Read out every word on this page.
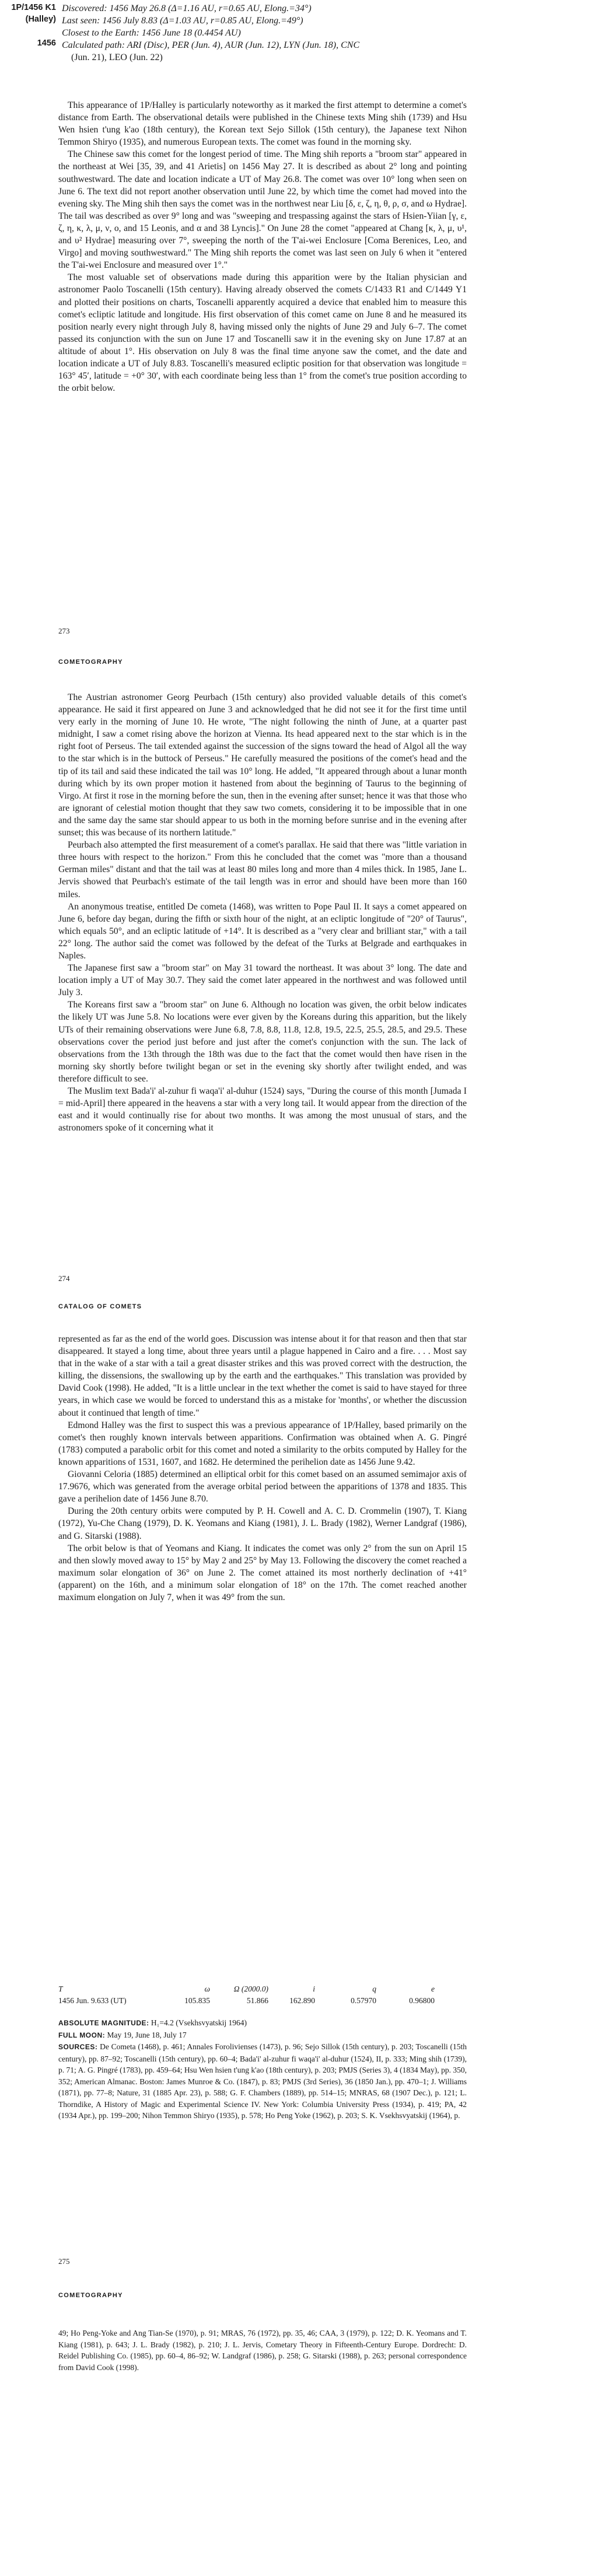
1P/1456 K1
(Halley)
1456
Discovered: 1456 May 26.8 (Δ=1.16 AU, r=0.65 AU, Elong.=34°)
Last seen: 1456 July 8.83 (Δ=1.03 AU, r=0.85 AU, Elong.=49°)
Closest to the Earth: 1456 June 18 (0.4454 AU)
Calculated path: ARI (Disc), PER (Jun. 4), AUR (Jun. 12), LYN (Jun. 18), CNC
(Jun. 21), LEO (Jun. 22)

This appearance of 1P/Halley is particularly noteworthy as it marked the first attempt to determine a comet's distance from Earth. The observational details were published in the Chinese texts Ming shih (1739) and Hsu Wen hsien t'ung k'ao (18th century), the Korean text Sejo Sillok (15th century), the Japanese text Nihon Temmon Shiryo (1935), and numerous European texts. The comet was found in the morning sky.

The Chinese saw this comet for the longest period of time. The Ming shih reports a "broom star" appeared in the northeast at Wei [35, 39, and 41 Arietis] on 1456 May 27. It is described as about 2° long and pointing southwestward. The date and location indicate a UT of May 26.8. The comet was over 10° long when seen on June 6. The text did not report another observation until June 22, by which time the comet had moved into the evening sky. The Ming shih then says the comet was in the northwest near Liu [δ, ε, ζ, η, θ, ρ, σ, and ω Hydrae]. The tail was described as over 9° long and was "sweeping and trespassing against the stars of Hsien-Yiian [γ, ε, ζ, η, κ, λ, μ, ν, ο, and 15 Leonis, and α and 38 Lyncis]." On June 28 the comet "appeared at Chang [κ, λ, μ, υ¹, and υ² Hydrae] measuring over 7°, sweeping the north of the T'ai-wei Enclosure [Coma Berenices, Leo, and Virgo] and moving southwestward." The Ming shih reports the comet was last seen on July 6 when it "entered the T'ai-wei Enclosure and measured over 1°."

The most valuable set of observations made during this apparition were by the Italian physician and astronomer Paolo Toscanelli (15th century). Having already observed the comets C/1433 R1 and C/1449 Y1 and plotted their positions on charts, Toscanelli apparently acquired a device that enabled him to measure this comet's ecliptic latitude and longitude. His first observation of this comet came on June 8 and he measured its position nearly every night through July 8, having missed only the nights of June 29 and July 6–7. The comet passed its conjunction with the sun on June 17 and Toscanelli saw it in the evening sky on June 17.87 at an altitude of about 1°. His observation on July 8 was the final time anyone saw the comet, and the date and location indicate a UT of July 8.83. Toscanelli's measured ecliptic position for that observation was longitude = 163° 45′, latitude = +0° 30′, with each coordinate being less than 1° from the comet's true position according to the orbit below.

273
COMETOGRAPHY

The Austrian astronomer Georg Peurbach (15th century) also provided valuable details of this comet's appearance. He said it first appeared on June 3 and acknowledged that he did not see it for the first time until very early in the morning of June 10. He wrote, "The night following the ninth of June, at a quarter past midnight, I saw a comet rising above the horizon at Vienna. Its head appeared next to the star which is in the right foot of Perseus. The tail extended against the succession of the signs toward the head of Algol all the way to the star which is in the buttock of Perseus." He carefully measured the positions of the comet's head and the tip of its tail and said these indicated the tail was 10° long. He added, "It appeared through about a lunar month during which by its own proper motion it hastened from about the beginning of Taurus to the beginning of Virgo. At first it rose in the morning before the sun, then in the evening after sunset; hence it was that those who are ignorant of celestial motion thought that they saw two comets, considering it to be impossible that in one and the same day the same star should appear to us both in the morning before sunrise and in the evening after sunset; this was because of its northern latitude."

Peurbach also attempted the first measurement of a comet's parallax. He said that there was "little variation in three hours with respect to the horizon." From this he concluded that the comet was "more than a thousand German miles" distant and that the tail was at least 80 miles long and more than 4 miles thick. In 1985, Jane L. Jervis showed that Peurbach's estimate of the tail length was in error and should have been more than 160 miles.

An anonymous treatise, entitled De cometa (1468), was written to Pope Paul II. It says a comet appeared on June 6, before day began, during the fifth or sixth hour of the night, at an ecliptic longitude of "20° of Taurus", which equals 50°, and an ecliptic latitude of +14°. It is described as a "very clear and brilliant star," with a tail 22° long. The author said the comet was followed by the defeat of the Turks at Belgrade and earthquakes in Naples.

The Japanese first saw a "broom star" on May 31 toward the northeast. It was about 3° long. The date and location imply a UT of May 30.7. They said the comet later appeared in the northwest and was followed until July 3.

The Koreans first saw a "broom star" on June 6. Although no location was given, the orbit below indicates the likely UT was June 5.8. No locations were ever given by the Koreans during this apparition, but the likely UTs of their remaining observations were June 6.8, 7.8, 8.8, 11.8, 12.8, 19.5, 22.5, 25.5, 28.5, and 29.5. These observations cover the period just before and just after the comet's conjunction with the sun. The lack of observations from the 13th through the 18th was due to the fact that the comet would then have risen in the morning sky shortly before twilight began or set in the evening sky shortly after twilight ended, and was therefore difficult to see.

The Muslim text Bada'i' al-zuhur fi waqa'i' al-duhur (1524) says, "During the course of this month [Jumada I = mid-April] there appeared in the heavens a star with a very long tail. It would appear from the direction of the east and it would continually rise for about two months. It was among the most unusual of stars, and the astronomers spoke of it concerning what it

274
CATALOG OF COMETS

represented as far as the end of the world goes. Discussion was intense about it for that reason and then that star disappeared. It stayed a long time, about three years until a plague happened in Cairo and a fire. . . . Most say that in the wake of a star with a tail a great disaster strikes and this was proved correct with the destruction, the killing, the dissensions, the swallowing up by the earth and the earthquakes." This translation was provided by David Cook (1998). He added, "It is a little unclear in the text whether the comet is said to have stayed for three years, in which case we would be forced to understand this as a mistake for 'months', or whether the discussion about it continued that length of time."

Edmond Halley was the first to suspect this was a previous appearance of 1P/Halley, based primarily on the comet's then roughly known intervals between apparitions. Confirmation was obtained when A. G. Pingré (1783) computed a parabolic orbit for this comet and noted a similarity to the orbits computed by Halley for the known apparitions of 1531, 1607, and 1682. He determined the perihelion date as 1456 June 9.42.

Giovanni Celoria (1885) determined an elliptical orbit for this comet based on an assumed semimajor axis of 17.9676, which was generated from the average orbital period between the apparitions of 1378 and 1835. This gave a perihelion date of 1456 June 8.70.

During the 20th century orbits were computed by P. H. Cowell and A. C. D. Crommelin (1907), T. Kiang (1972), Yu-Che Chang (1979), D. K. Yeomans and Kiang (1981), J. L. Brady (1982), Werner Landgraf (1986), and G. Sitarski (1988).

The orbit below is that of Yeomans and Kiang. It indicates the comet was only 2° from the sun on April 15 and then slowly moved away to 15° by May 2 and 25° by May 13. Following the discovery the comet reached a maximum solar elongation of 36° on June 2. The comet attained its most northerly declination of +41° (apparent) on the 16th, and a minimum solar elongation of 18° on the 17th. The comet reached another maximum elongation on July 7, when it was 49° from the sun.

T	ω	Ω (2000.0)	i	q	e
1456 Jun. 9.633 (UT)	105.835	51.866	162.890	0.57970	0.96800

ABSOLUTE MAGNITUDE: H₁=4.2 (Vsekhsvyatskij 1964)

FULL MOON: May 19, June 18, July 17

SOURCES: De Cometa (1468), p. 461; Annales Forolivienses (1473), p. 96; Sejo Sillok (15th century), p. 203; Toscanelli (15th century), pp. 87–92; Toscanelli (15th century), pp. 60–4; Bada'i' al-zuhur fi waqa'i' al-duhur (1524), II, p. 333; Ming shih (1739), p. 71; A. G. Pingré (1783), pp. 459–64; Hsu Wen hsien t'ung k'ao (18th century), p. 203; PMJS (Series 3), 4 (1834 May), pp. 350, 352; American Almanac. Boston: James Munroe & Co. (1847), p. 83; PMJS (3rd Series), 36 (1850 Jan.), pp. 470–1; J. Williams (1871), pp. 77–8; Nature, 31 (1885 Apr. 23), p. 588; G. F. Chambers (1889), pp. 514–15; MNRAS, 68 (1907 Dec.), p. 121; L. Thorndike, A History of Magic and Experimental Science IV. New York: Columbia University Press (1934), p. 419; PA, 42 (1934 Apr.), pp. 199–200; Nihon Temmon Shiryo (1935), p. 578; Ho Peng Yoke (1962), p. 203; S. K. Vsekhsvyatskij (1964), p.

275
COMETOGRAPHY

49; Ho Peng-Yoke and Ang Tian-Se (1970), p. 91; MRAS, 76 (1972), pp. 35, 46; CAA, 3 (1979), p. 122; D. K. Yeomans and T. Kiang (1981), p. 643; J. L. Brady (1982), p. 210; J. L. Jervis, Cometary Theory in Fifteenth-Century Europe. Dordrecht: D. Reidel Publishing Co. (1985), pp. 60–4, 86–92; W. Landgraf (1986), p. 258; G. Sitarski (1988), p. 263; personal correspondence from David Cook (1998).
